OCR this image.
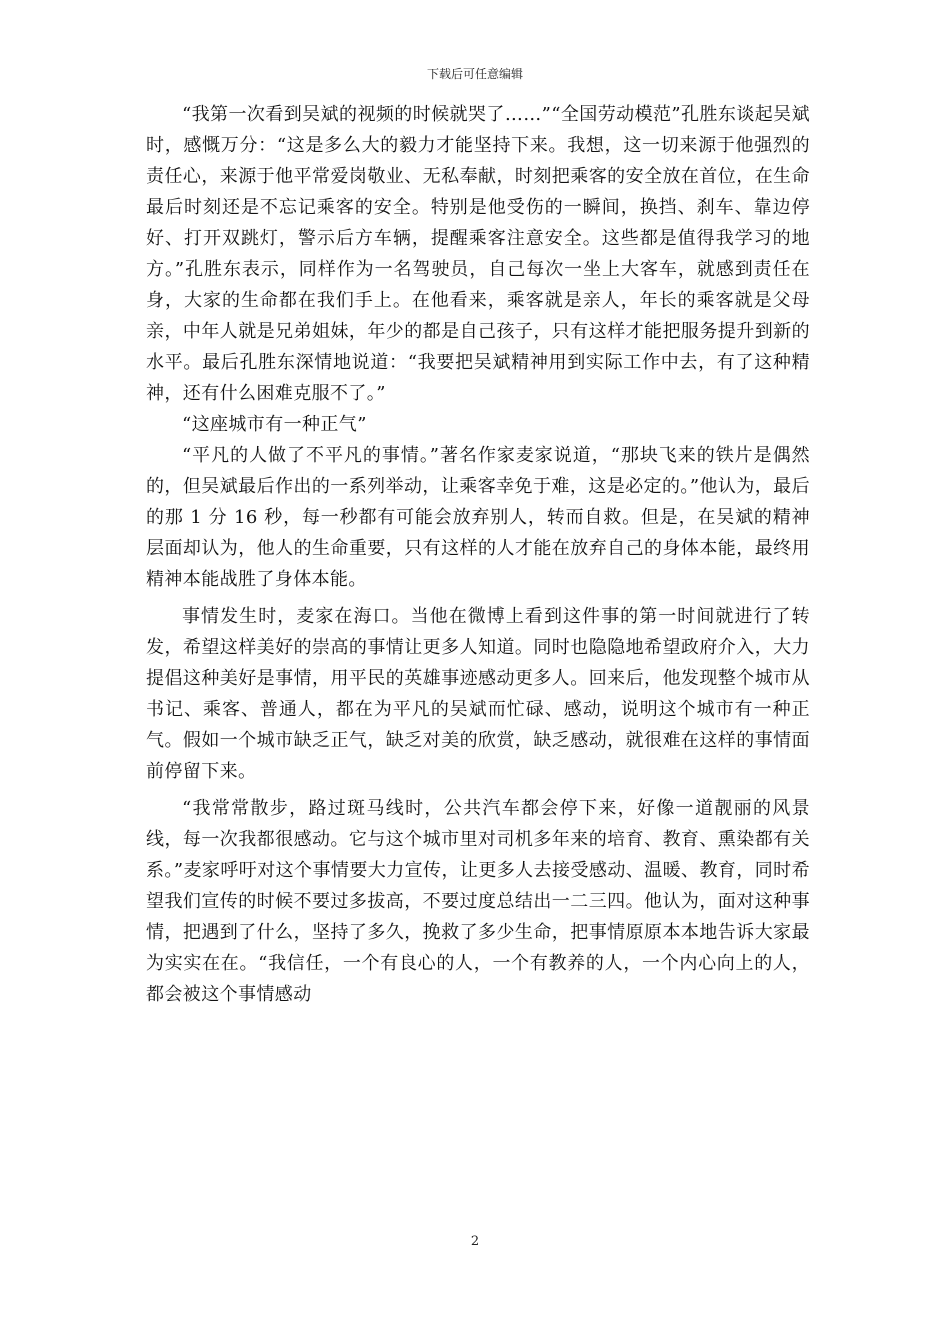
下载后可任意编辑

“我第一次看到吴斌的视频的时候就哭了……”“全国劳动模范”孔胜东谈起吴斌时，感慨万分：“这是多么大的毅力才能坚持下来。我想，这一切来源于他强烈的责任心，来源于他平常爱岗敬业、无私奉献，时刻把乘客的安全放在首位，在生命最后时刻还是不忘记乘客的安全。特别是他受伤的一瞬间，换挡、刹车、靠边停好、打开双跳灯，警示后方车辆，提醒乘客注意安全。这些都是值得我学习的地方。”孔胜东表示，同样作为一名驾驶员，自己每次一坐上大客车，就感到责任在身，大家的生命都在我们手上。在他看来，乘客就是亲人，年长的乘客就是父母亲，中年人就是兄弟姐妹，年少的都是自己孩子，只有这样才能把服务提升到新的水平。最后孔胜东深情地说道：“我要把吴斌精神用到实际工作中去，有了这种精神，还有什么困难克服不了。”

“这座城市有一种正气”

“平凡的人做了不平凡的事情。”著名作家麦家说道，“那块飞来的铁片是偶然的，但吴斌最后作出的一系列举动，让乘客幸免于难，这是必定的。”他认为，最后的那 1 分 16 秒，每一秒都有可能会放弃别人，转而自救。但是，在吴斌的精神层面却认为，他人的生命重要，只有这样的人才能在放弃自己的身体本能，最终用精神本能战胜了身体本能。

事情发生时，麦家在海口。当他在微博上看到这件事的第一时间就进行了转发，希望这样美好的崇高的事情让更多人知道。同时也隐隐地希望政府介入，大力提倡这种美好是事情，用平民的英雄事迹感动更多人。回来后，他发现整个城市从书记、乘客、普通人，都在为平凡的吴斌而忙碌、感动，说明这个城市有一种正气。假如一个城市缺乏正气，缺乏对美的欣赏，缺乏感动，就很难在这样的事情面前停留下来。

“我常常散步，路过斑马线时，公共汽车都会停下来，好像一道靓丽的风景线，每一次我都很感动。它与这个城市里对司机多年来的培育、教育、熏染都有关系。”麦家呼吁对这个事情要大力宣传，让更多人去接受感动、温暖、教育，同时希望我们宣传的时候不要过多拔高，不要过度总结出一二三四。他认为，面对这种事情，把遇到了什么，坚持了多久，挽救了多少生命，把事情原原本本地告诉大家最为实实在在。“我信任，一个有良心的人，一个有教养的人，一个内心向上的人，都会被这个事情感动

2
